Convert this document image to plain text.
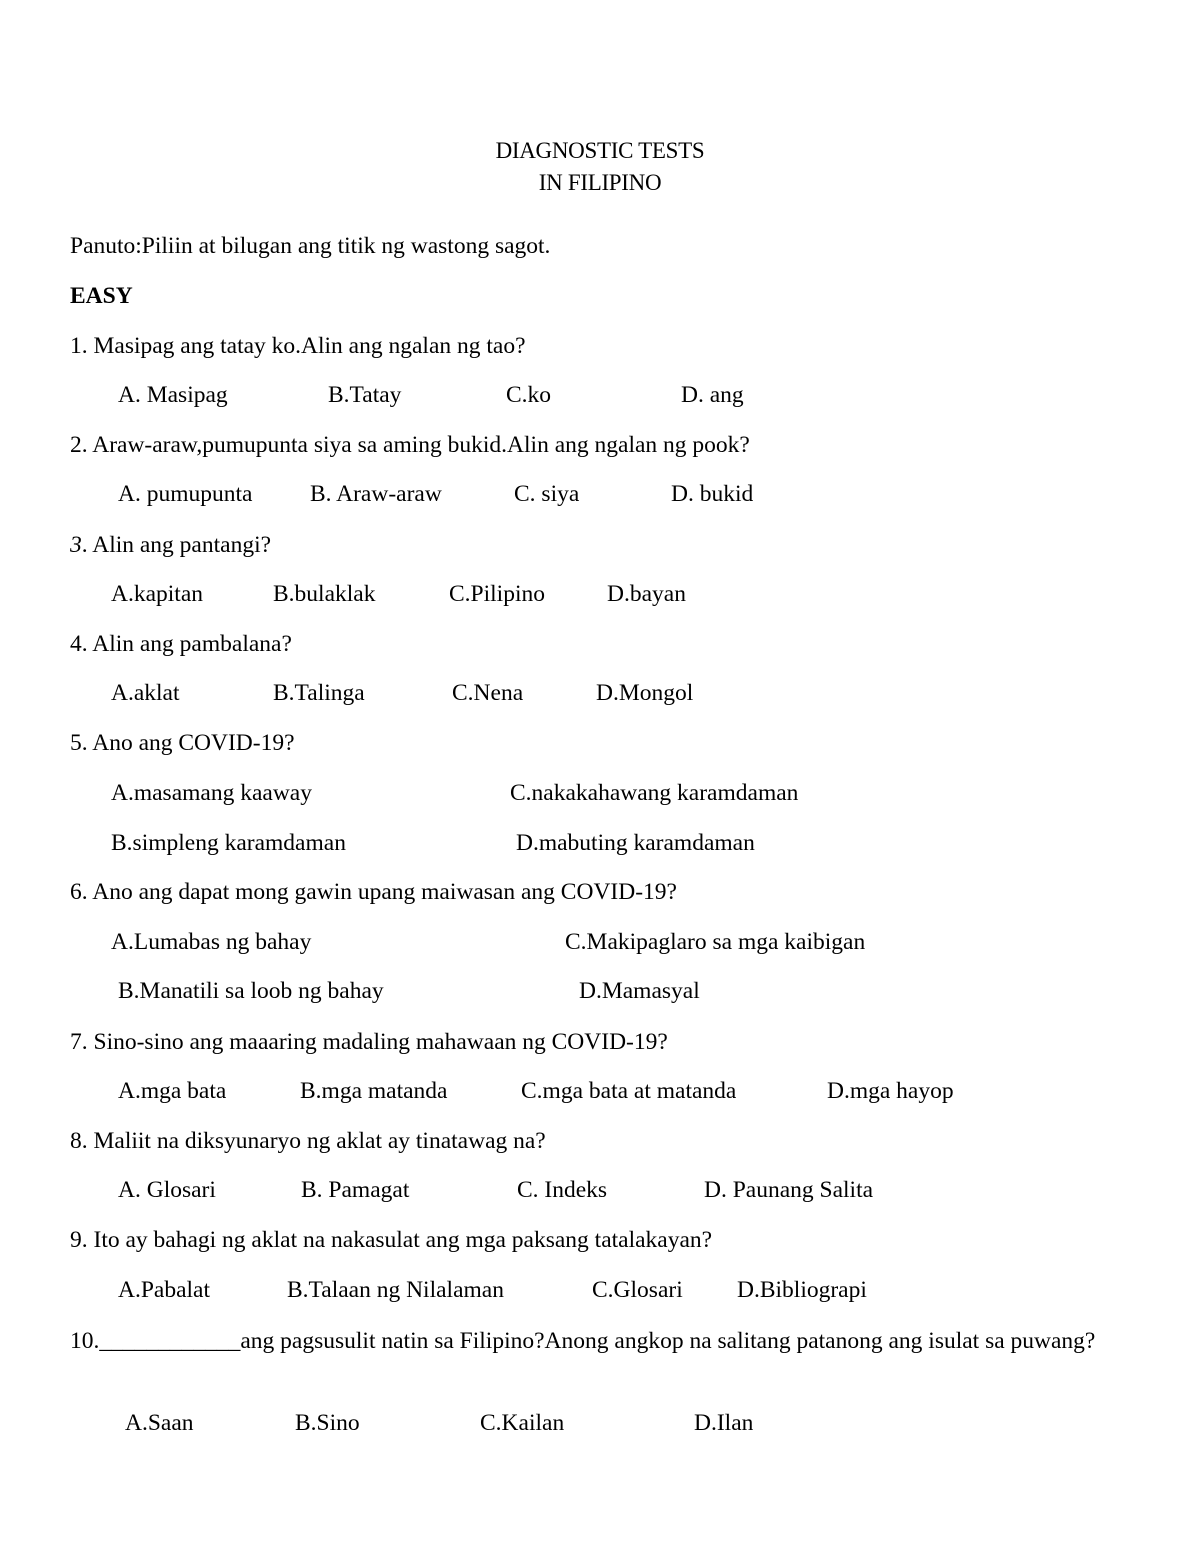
DIAGNOSTIC TESTS
IN FILIPINO
Panuto:Piliin at bilugan ang titik ng wastong sagot.
EASY
1. Masipag ang tatay ko.Alin ang ngalan ng tao?
A. Masipag	B.Tatay	C.ko	D. ang
2. Araw-araw,pumupunta siya sa aming bukid.Alin ang ngalan ng pook?
A. pumupunta B. Araw-araw	C. siya	D. bukid
3. Alin ang pantangi?
A.kapitan	B.bulaklak	C.Pilipino	D.bayan
4. Alin ang pambalana?
A.aklat	B.Talinga	C.Nena	D.Mongol
5. Ano ang COVID-19?
A.masamang kaaway	C.nakakahawang karamdaman
B.simpleng karamdaman	D.mabuting karamdaman
6. Ano ang dapat mong gawin upang maiwasan ang COVID-19?
A.Lumabas ng bahay	C.Makipaglaro sa mga kaibigan
B.Manatili sa loob ng bahay	D.Mamasyal
7. Sino-sino ang maaaring madaling mahawaan ng COVID-19?
A.mga bata	B.mga matanda	C.mga bata at matanda	D.mga hayop
8. Maliit na diksyunaryo ng aklat ay tinatawag na?
A. Glosari	B. Pamagat	C. Indeks	D. Paunang Salita
9. Ito ay bahagi ng aklat na nakasulat ang mga paksang tatalakayan?
A.Pabalat	B.Talaan ng Nilalaman	C.Glosari D.Bibliograpi
10.____________ang pagsusulit natin sa Filipino?Anong angkop na salitang patanong ang isulat sa puwang?
A.Saan	B.Sino	C.Kailan	D.Ilan
